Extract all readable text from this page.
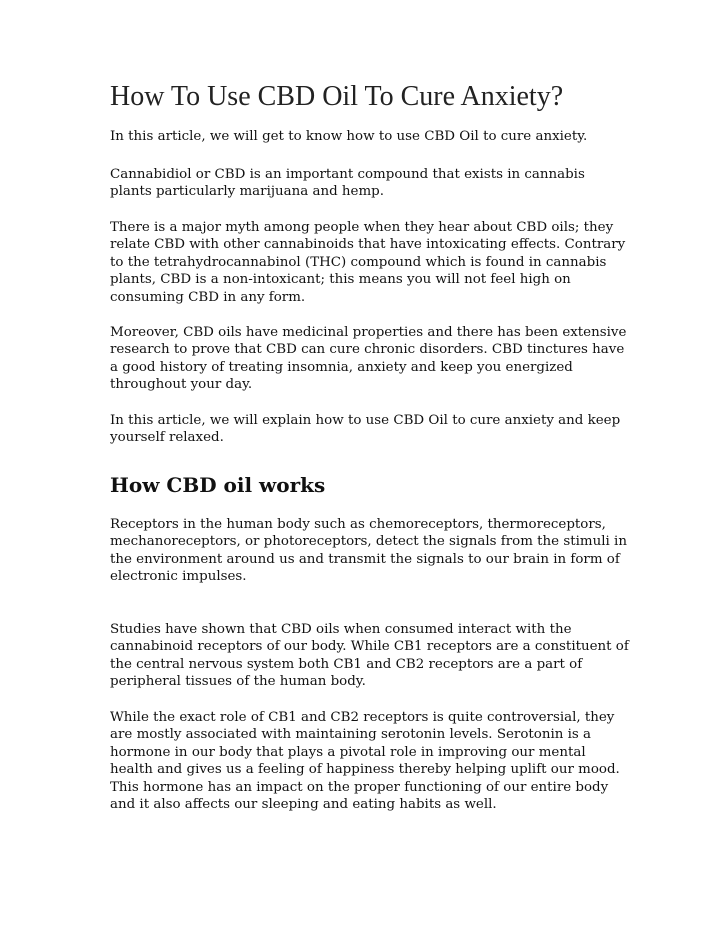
How To Use CBD Oil To Cure Anxiety?

In this article, we will get to know how to use CBD Oil to cure anxiety.

Cannabidiol or CBD is an important compound that exists in cannabis
plants particularly marijuana and hemp.

There is a major myth among people when they hear about CBD oils; they
relate CBD with other cannabinoids that have intoxicating effects. Contrary
to the tetrahydrocannabinol (THC) compound which is found in cannabis
plants, CBD is a non-intoxicant; this means you will not feel high on
consuming CBD in any form.

Moreover, CBD oils have medicinal properties and there has been extensive
research to prove that CBD can cure chronic disorders. CBD tinctures have
a good history of treating insomnia, anxiety and keep you energized
throughout your day.

In this article, we will explain how to use CBD Oil to cure anxiety and keep
yourself relaxed.

How CBD oil works

Receptors in the human body such as chemoreceptors, thermoreceptors,
mechanoreceptors, or photoreceptors, detect the signals from the stimuli in
the environment around us and transmit the signals to our brain in form of
electronic impulses.

Studies have shown that CBD oils when consumed interact with the
cannabinoid receptors of our body. While CB1 receptors are a constituent of
the central nervous system both CB1 and CB2 receptors are a part of
peripheral tissues of the human body.

While the exact role of CB1 and CB2 receptors is quite controversial, they
are mostly associated with maintaining serotonin levels. Serotonin is a
hormone in our body that plays a pivotal role in improving our mental
health and gives us a feeling of happiness thereby helping uplift our mood.
This hormone has an impact on the proper functioning of our entire body
and it also affects our sleeping and eating habits as well.
